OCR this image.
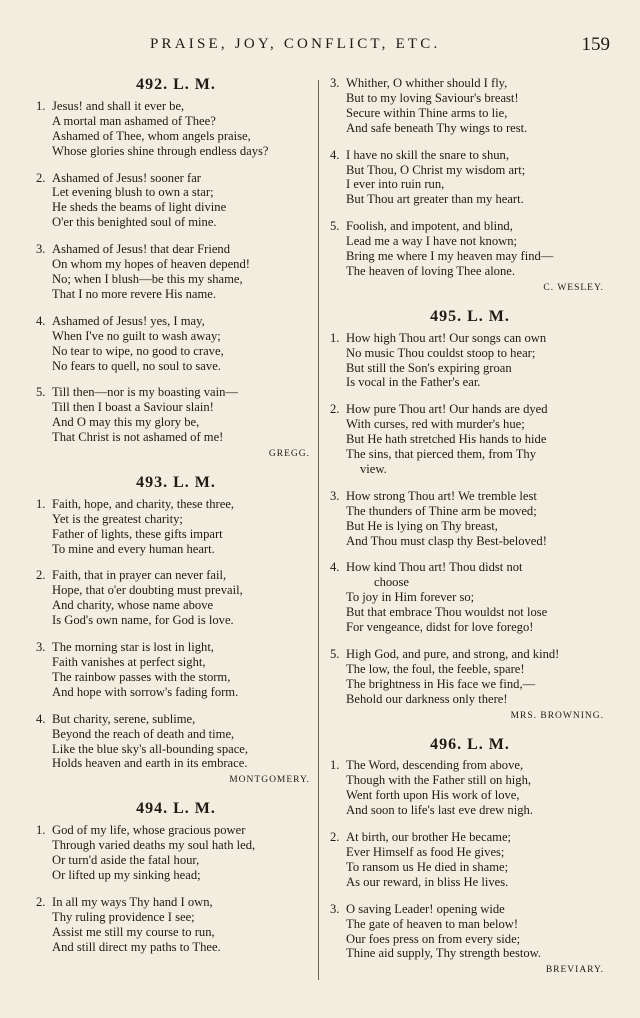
PRAISE, JOY, CONFLICT, ETC.	159
492. L. M.
1. Jesus! and shall it ever be,
A mortal man ashamed of Thee?
Ashamed of Thee, whom angels praise,
Whose glories shine through endless days?
2. Ashamed of Jesus! sooner far
Let evening blush to own a star;
He sheds the beams of light divine
O'er this benighted soul of mine.
3. Ashamed of Jesus! that dear Friend
On whom my hopes of heaven depend!
No; when I blush—be this my shame,
That I no more revere His name.
4. Ashamed of Jesus! yes, I may,
When I've no guilt to wash away;
No tear to wipe, no good to crave,
No fears to quell, no soul to save.
5. Till then—nor is my boasting vain—
Till then I boast a Saviour slain!
And O may this my glory be,
That Christ is not ashamed of me!
GREGG.
493. L. M.
1. Faith, hope, and charity, these three,
Yet is the greatest charity;
Father of lights, these gifts impart
To mine and every human heart.
2. Faith, that in prayer can never fail,
Hope, that o'er doubting must prevail,
And charity, whose name above
Is God's own name, for God is love.
3. The morning star is lost in light,
Faith vanishes at perfect sight,
The rainbow passes with the storm,
And hope with sorrow's fading form.
4. But charity, serene, sublime,
Beyond the reach of death and time,
Like the blue sky's all-bounding space,
Holds heaven and earth in its embrace.
MONTGOMERY.
494. L. M.
1. God of my life, whose gracious power
Through varied deaths my soul hath led,
Or turn'd aside the fatal hour,
Or lifted up my sinking head;
2. In all my ways Thy hand I own,
Thy ruling providence I see;
Assist me still my course to run,
And still direct my paths to Thee.
3. Whither, O whither should I fly,
But to my loving Saviour's breast!
Secure within Thine arms to lie,
And safe beneath Thy wings to rest.
4. I have no skill the snare to shun,
But Thou, O Christ my wisdom art;
I ever into ruin run,
But Thou art greater than my heart.
5. Foolish, and impotent, and blind,
Lead me a way I have not known;
Bring me where I my heaven may find—
The heaven of loving Thee alone.
C. WESLEY.
495. L. M.
1. How high Thou art! Our songs can own
No music Thou couldst stoop to hear;
But still the Son's expiring groan
Is vocal in the Father's ear.
2. How pure Thou art! Our hands are dyed
With curses, red with murder's hue;
But He hath stretched His hands to hide
The sins, that pierced them, from Thy
view.
3. How strong Thou art! We tremble lest
The thunders of Thine arm be moved;
But He is lying on Thy breast,
And Thou must clasp thy Best-beloved!
4. How kind Thou art! Thou didst not
choose
To joy in Him forever so;
But that embrace Thou wouldst not lose
For vengeance, didst for love forego!
5. High God, and pure, and strong, and kind!
The low, the foul, the feeble, spare!
The brightness in His face we find,—
Behold our darkness only there!
MRS. BROWNING.
496. L. M.
1. The Word, descending from above,
Though with the Father still on high,
Went forth upon His work of love,
And soon to life's last eve drew nigh.
2. At birth, our brother He became;
Ever Himself as food He gives;
To ransom us He died in shame;
As our reward, in bliss He lives.
3. O saving Leader! opening wide
The gate of heaven to man below!
Our foes press on from every side;
Thine aid supply, Thy strength bestow.
BREVIARY.
